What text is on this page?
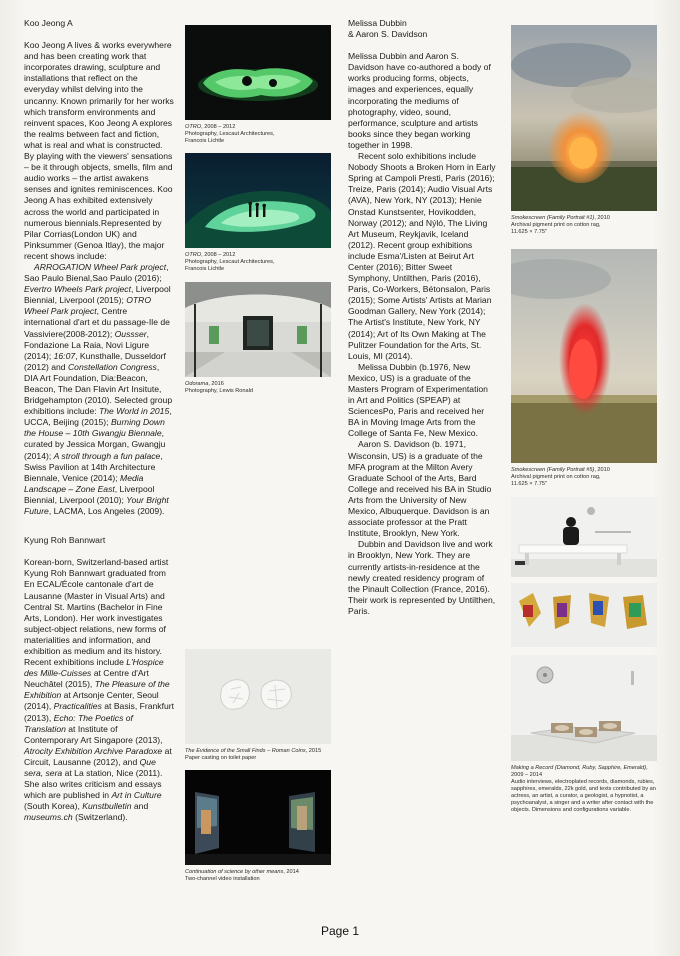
Koo Jeong A

Koo Jeong A lives & works everywhere and has been creating work that incorporates drawing, sculpture and installations that reflect on the everyday whilst delving into the uncanny. Known primarily for her works which transform environments and reinvent spaces, Koo Jeong A explores the realms between fact and fiction, what is real and what is constructed. By playing with the viewers' sensations – be it through objects, smells, film and audio works – the artist awakens senses and ignites reminiscences. Koo Jeong A has exhibited extensively across the world and participated in numerous biennials.Represented by Pilar Corrias(London UK) and Pinksummer (Genoa Itlay), the major recent shows include:
ARROGATION Wheel Park project, Sao Paulo Bienal,Sao Paulo (2016); Evertro Wheels Park project, Liverpool Biennial, Liverpool (2015); OTRO Wheel Park project, Centre international d'art et du passage-Ile de Vassiviere(2008-2012); Oussser, Fondazione La Raia, Novi Ligure (2014); 16:07, Kunsthalle, Dusseldorf (2012) and Constellation Congress, DIA Art Foundation, Dia:Beacon, Beacon, The Dan Flavin Art Insitute, Bridgehampton (2010). Selected group exhibitions include: The World in 2015, UCCA, Beijing (2015); Burning Down the House – 10th Gwangju Biennale, curated by Jessica Morgan, Gwangju (2014); A stroll through a fun palace, Swiss Pavilion at 14th Architecture Biennale, Venice (2014); Media Landscape – Zone East, Liverpool Biennial, Liverpool (2010); Your Bright Future, LACMA, Los Angeles (2009).

Kyung Roh Bannwart

Korean-born, Switzerland-based artist Kyung Roh Bannwart graduated from En ECAL/École cantonale d'art de Lausanne (Master in Visual Arts) and Central St. Martins (Bachelor in Fine Arts, London). Her work investigates subject-object relations, new forms of materialities and information, and exhibition as medium and its history. Recent exhibitions include L'Hospice des Mille-Cuisses at Centre d'Art Neuchâtel (2015), The Pleasure of the Exhibition at Artsonje Center, Seoul (2014), Practicalities at Basis, Frankfurt (2013), Echo: The Poetics of Translation at Institute of Contemporary Art Singapore (2013), Atrocity Exhibition Archive Paradoxe at Circuit, Lausanne (2012), and Que sera, sera at La station, Nice (2011). She also writes criticism and essays which are published in Art in Culture (South Korea), Kunstbulletin and museums.ch (Switzerland).

OTRO, 2008 – 2012
Photography, Lescaut Architectures,
Francois Lichtle

OTRO, 2008 – 2012
Photography, Lescaut Architectures,
Francois Lichtle

Odorama, 2016
Photography, Lewis Ronald

The Evidence of the Small Finds – Roman Coins, 2015
Paper casting on toilet paper

Continuation of science by other means, 2014
Two-channel video installation

Melissa Dubbin
& Aaron S. Davidson

Melissa Dubbin and Aaron S. Davidson have co-authored a body of works producing forms, objects, images and experiences, equally incorporating the mediums of photography, video, sound, performance, sculpture and artists books since they began working together in 1998.
Recent solo exhibitions include Nobody Shoots a Broken Horn in Early Spring at Campoli Presti, Paris (2016); Treize, Paris (2014); Audio Visual Arts (AVA), New York, NY (2013); Henie Onstad Kunstsenter, Hovikodden, Norway (2012); and Nýló, The Living Art Museum, Reykjavik, Iceland (2012). Recent group exhibitions include Esma'/Listen at Beirut Art Center (2016); Bitter Sweet Symphony, Untilthen, Paris (2016), Paris, Co-Workers, Bétonsalon, Paris (2015); Some Artists' Artists at Marian Goodman Gallery, New York (2014); The Artist's Institute, New York, NY (2014); Art of Its Own Making at The Pulitzer Foundation for the Arts, St. Louis, MI (2014).
Melissa Dubbin (b.1976, New Mexico, US) is a graduate of the Masters Program of Experimentation in Art and Politics (SPEAP) at SciencesPo, Paris and received her BA in Moving Image Arts from the College of Santa Fe, New Mexico.
Aaron S. Davidson (b. 1971, Wisconsin, US) is a graduate of the MFA program at the Milton Avery Graduate School of the Arts, Bard College and received his BA in Studio Arts from the University of New Mexico, Albuquerque. Davidson is an associate professor at the Pratt Institute, Brooklyn, New York.
Dubbin and Davidson live and work in Brooklyn, New York. They are currently artists-in-residence at the newly created residency program of the Pinault Collection (France, 2016). Their work is represented by Untilthen, Paris.

Smokescreen (Family Portrait #1), 2010
Archival pigment print on cotton rag,
11.625 × 7.75"

Smokescreen (Family Portrait #5), 2010
Archival pigment print on cotton rag,
11.625 × 7.75"

Making a Record (Diamond, Ruby, Sapphire, Emerald), 2009 – 2014
Audio interviews, electroplated records, diamonds, rubies, sapphires, emeralds, 22k gold, and texts contributed by an actress, an artist, a curator, a geologist, a hypnotist, a psychoanalyst, a singer and a writer after contact with the objects. Dimensions and configurations variable.

Page 1
